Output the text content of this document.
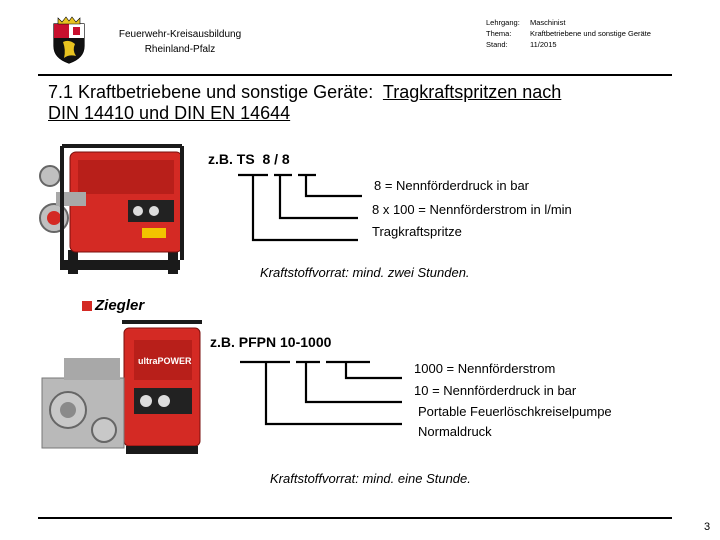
Feuerwehr-Kreisausbildung
Rheinland-Pfalz
Lehrgang: Maschinist
Thema: Kraftbetriebene und sonstige Geräte
Stand:	11/2015
7.1 Kraftbetriebene und sonstige Geräte: Tragkraftspritzen nach
DIN 14410 und DIN EN 14644
z.B. TS  8 / 8
8 = Nennförderdruck in bar
8 x 100 = Nennförderstrom in l/min
Tragkraftspritze
Kraftstoffvorrat: mind. zwei Stunden.
Ziegler
ultraPOWER
z.B. PFPN 10-1000
1000 = Nennförderstrom
10 = Nennförderdruck in bar
Portable Feuerlöschkreiselpumpe
Normaldruck
Kraftstoffvorrat: mind. eine Stunde.
3
